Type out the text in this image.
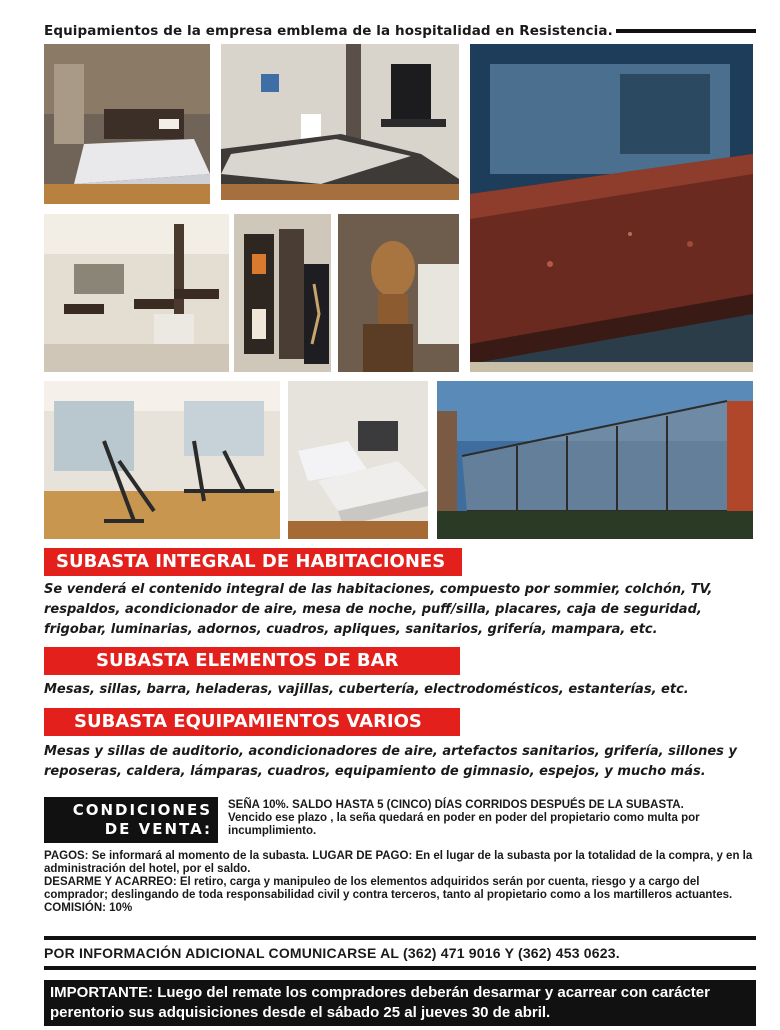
Equipamientos de la empresa emblema de la hospitalidad en Resistencia.
SUBASTA INTEGRAL DE HABITACIONES
Se venderá el contenido integral de las habitaciones, compuesto por sommier, colchón, TV, respaldos, acondicionador de aire, mesa de noche, puff/silla, placares, caja de seguridad, frigobar, luminarias, adornos, cuadros, apliques, sanitarios, grifería, mampara, etc.
SUBASTA ELEMENTOS DE BAR
Mesas, sillas, barra, heladeras, vajillas, cubertería, electrodomésticos, estanterías, etc.
SUBASTA EQUIPAMIENTOS VARIOS
Mesas y sillas de auditorio, acondicionadores de aire, artefactos sanitarios, grifería, sillones y reposeras, caldera, lámparas, cuadros, equipamiento de gimnasio, espejos, y mucho más.
CONDICIONES
DE VENTA:
SEÑA 10%. SALDO HASTA 5 (CINCO) DÍAS CORRIDOS DESPUÉS DE LA SUBASTA.
Vencido ese plazo , la seña quedará en poder en poder del propietario como multa por incumplimiento.
PAGOS: Se informará al momento de la subasta. LUGAR DE PAGO: En el lugar de la subasta por la totalidad de la compra, y en la administración del hotel, por el saldo.
DESARME Y ACARREO: El retiro, carga y manipuleo de los elementos adquiridos serán por cuenta, riesgo y a cargo del comprador; deslingando de toda responsabilidad civil y contra terceros, tanto al propietario como a los martilleros actuantes.
COMISIÓN: 10%
POR INFORMACIÓN ADICIONAL COMUNICARSE AL (362) 471 9016 Y (362) 453 0623.
IMPORTANTE: Luego del remate los compradores deberán desarmar y acarrear con carácter perentorio sus adquisiciones desde el sábado 25 al jueves 30 de abril.
